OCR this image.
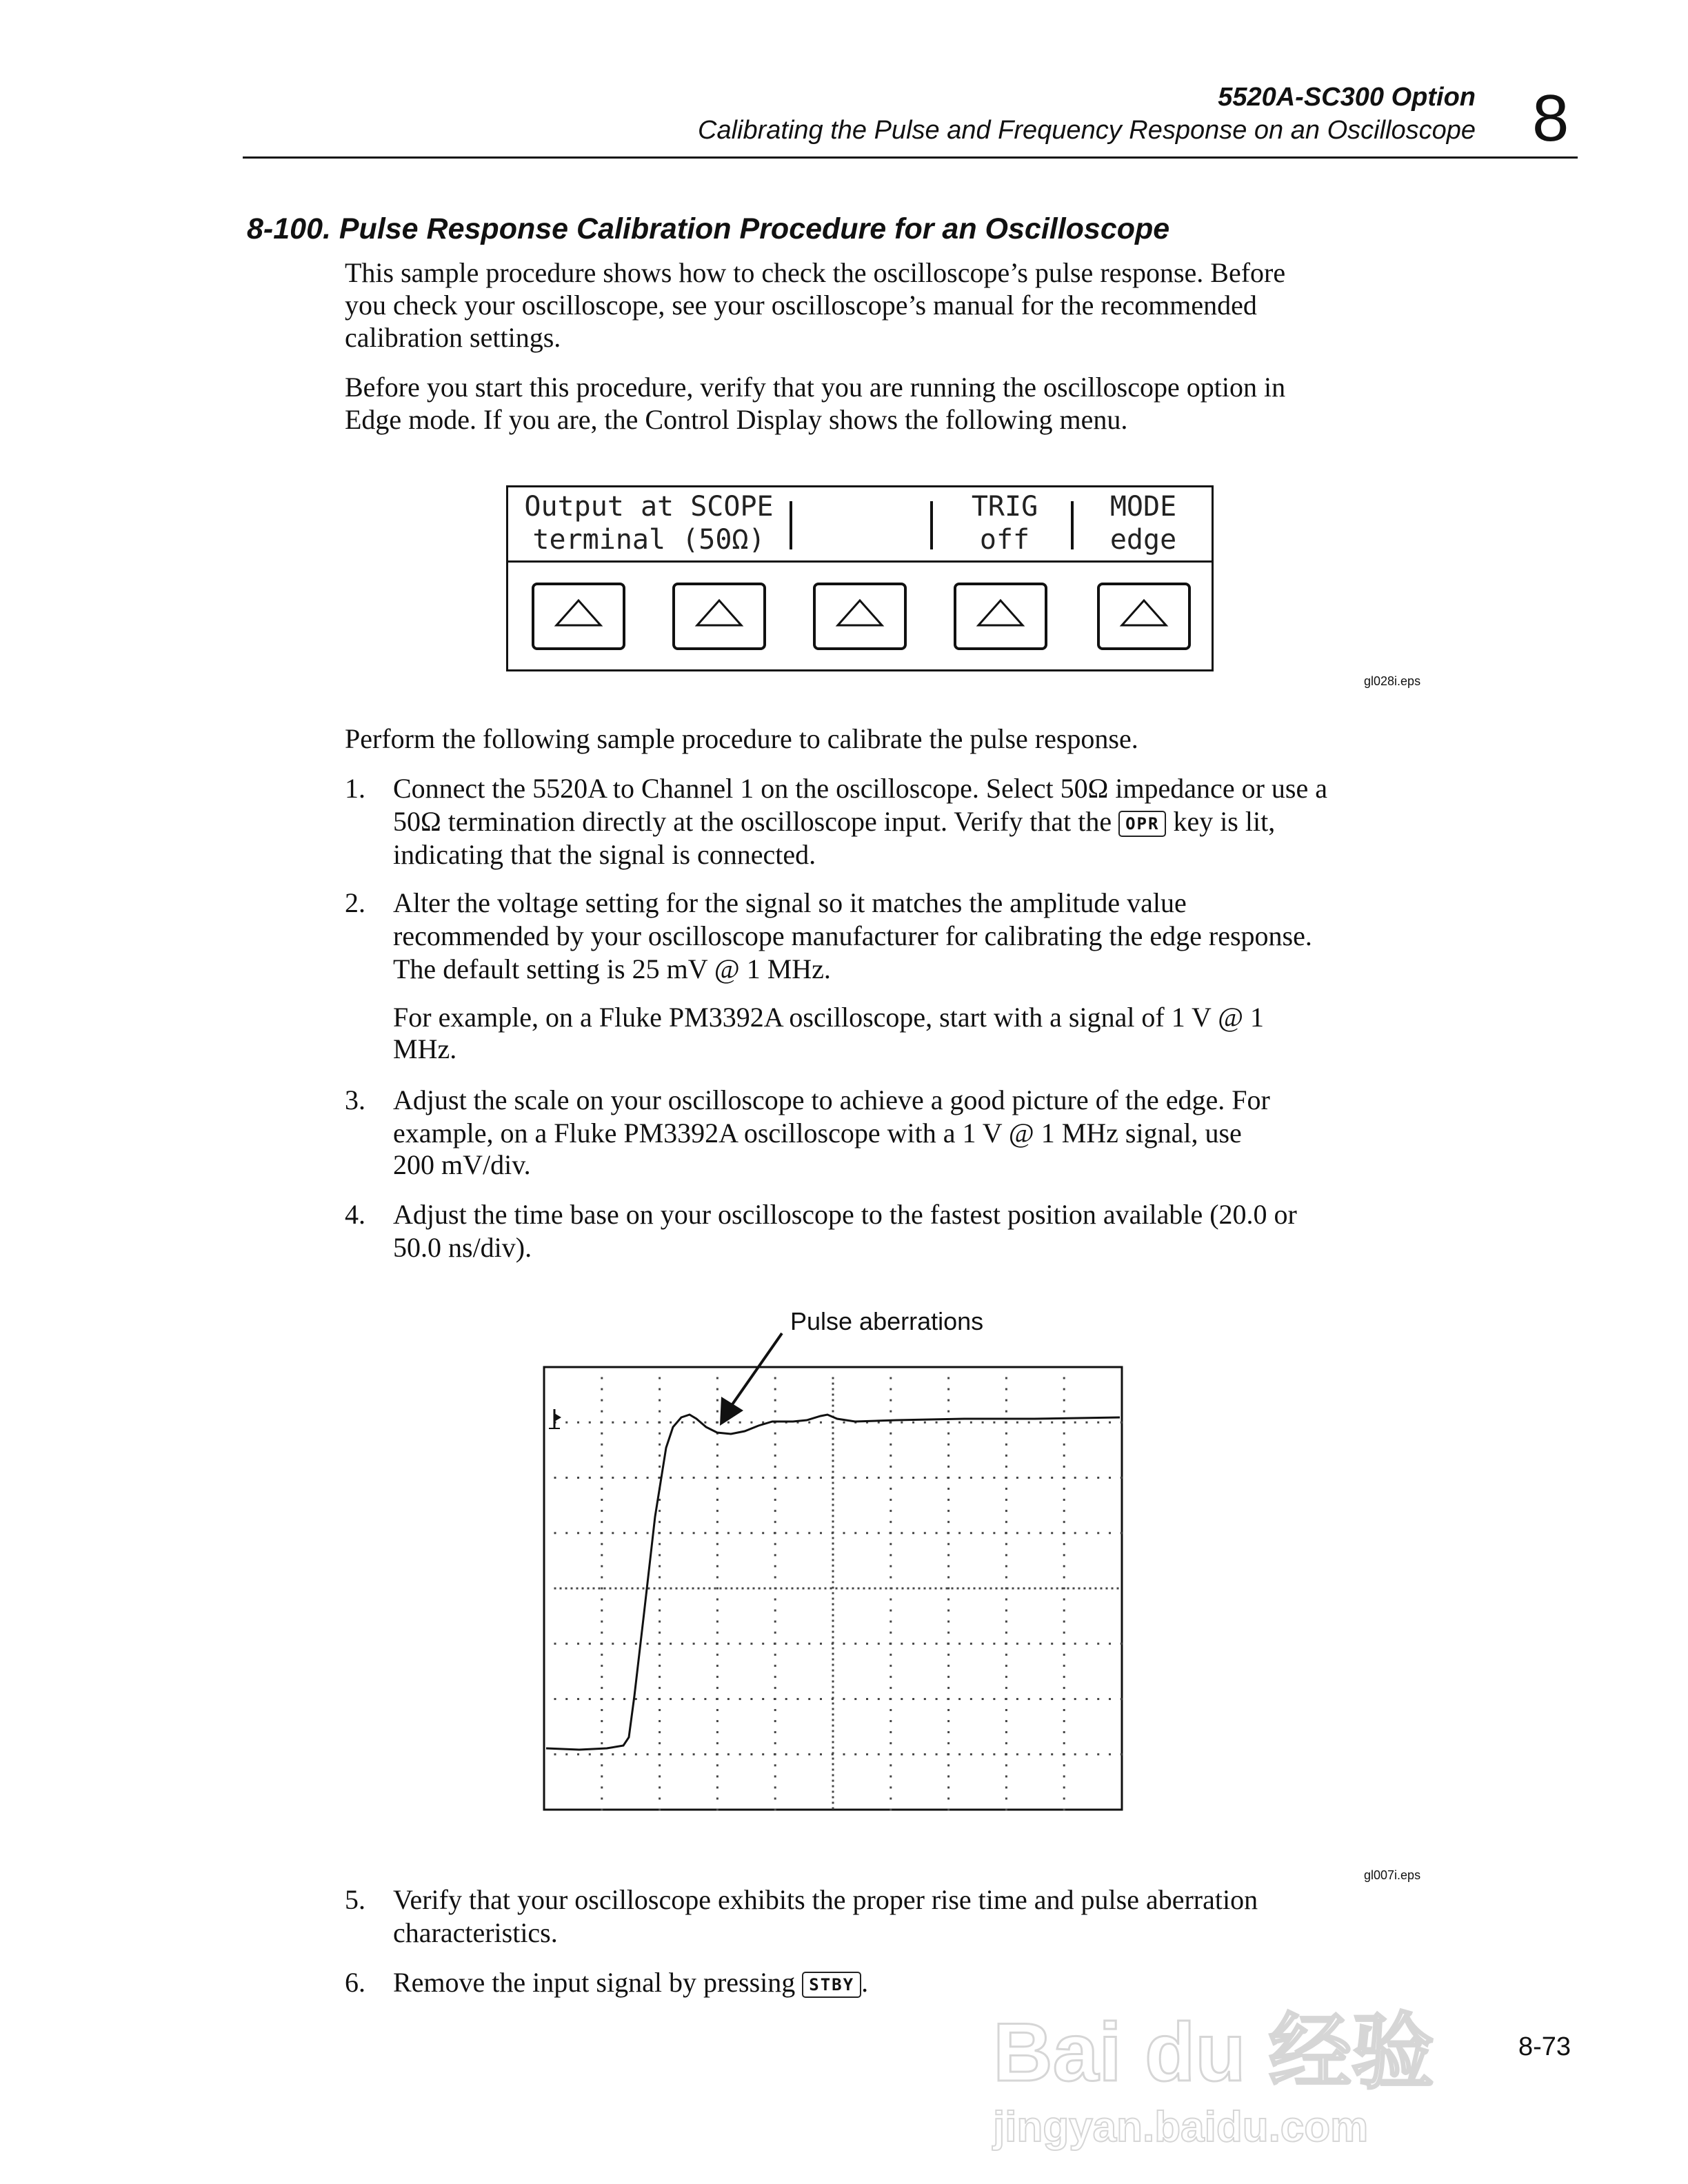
5520A-SC300 Option
Calibrating the Pulse and Frequency Response on an Oscilloscope 8
8-100. Pulse Response Calibration Procedure for an Oscilloscope
This sample procedure shows how to check the oscilloscope’s pulse response. Before
you check your oscilloscope, see your oscilloscope’s manual for the recommended
calibration settings.
Before you start this procedure, verify that you are running the oscilloscope option in
Edge mode. If you are, the Control Display shows the following menu.
Output at SCOPE
terminal (50Ω)
TRIG
off
MODE
edge
gl028i.eps
Perform the following sample procedure to calibrate the pulse response.
1. Connect the 5520A to Channel 1 on the oscilloscope. Select 50Ω impedance or use a
50Ω termination directly at the oscilloscope input. Verify that the OPR key is lit,
indicating that the signal is connected.
2. Alter the voltage setting for the signal so it matches the amplitude value
recommended by your oscilloscope manufacturer for calibrating the edge response.
The default setting is 25 mV @ 1 MHz.
For example, on a Fluke PM3392A oscilloscope, start with a signal of 1 V @ 1
MHz.
3. Adjust the scale on your oscilloscope to achieve a good picture of the edge. For
example, on a Fluke PM3392A oscilloscope with a 1 V @ 1 MHz signal, use
200 mV/div.
4. Adjust the time base on your oscilloscope to the fastest position available (20.0 or
50.0 ns/div).
Pulse aberrations
gl007i.eps
5. Verify that your oscilloscope exhibits the proper rise time and pulse aberration
characteristics.
6. Remove the input signal by pressing STBY .
Bai du 经验
jingyan.baidu.com
8-73
